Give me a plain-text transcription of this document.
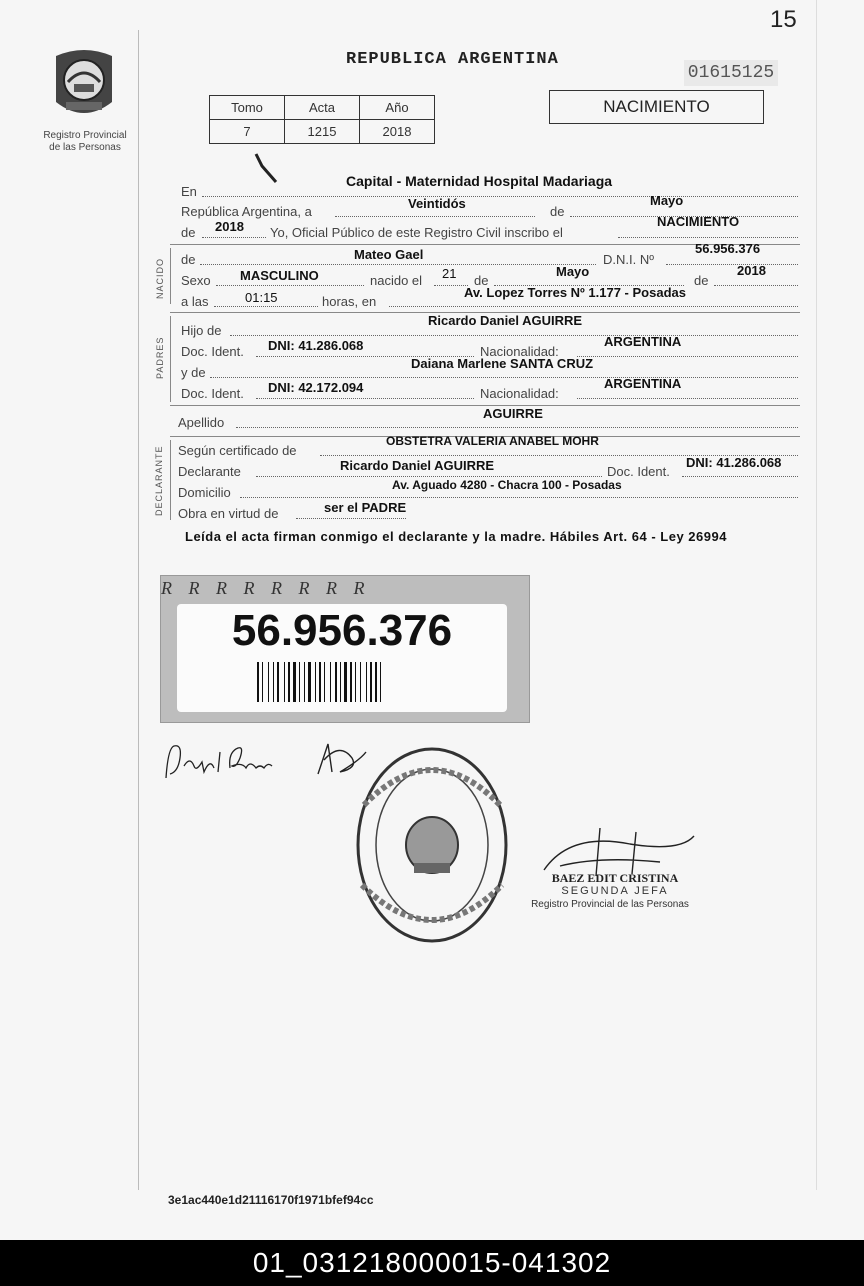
15
Registro Provincial
de las Personas
REPUBLICA ARGENTINA
01615125
Tomo	Acta	Año
7	1215	2018
NACIMIENTO
En
Capital - Maternidad Hospital Madariaga
República Argentina, a
Veintidós
de
Mayo
de 2018 Yo, Oficial Público de este Registro Civil inscribo el
NACIMIENTO
NACIDO de	Mateo Gael	D.N.I. Nº
56.956.376
Sexo MASCULINO	nacido el 21 de
Mayo
de
2018
a las	01:15	horas, en
Av. Lopez Torres Nº 1.177 - Posadas
PADRES
Hijo de
Ricardo Daniel AGUIRRE
Doc. Ident. DNI: 41.286.068	Nacionalidad:
ARGENTINA
y de
Daiana Marlene SANTA CRUZ
Doc. Ident. DNI: 42.172.094	Nacionalidad:
ARGENTINA
Apellido
AGUIRRE
DECLARANTE Según certificado de
OBSTETRA VALERIA ANABEL MOHR
Declarante	Ricardo Daniel AGUIRRE	Doc. Ident.
DNI: 41.286.068
Domicilio	Av. Aguado 4280 - Chacra 100 - Posadas
Obra en virtud de	ser el PADRE
Leída el acta firman conmigo el declarante y la madre. Hábiles Art. 64 - Ley 26994
R R R R R R R R
56.956.376
BAEZ EDIT CRISTINA
SEGUNDA JEFA
Registro Provincial de las Personas
3e1ac440e1d21116170f1971bfef94cc
01_031218000015-041302
